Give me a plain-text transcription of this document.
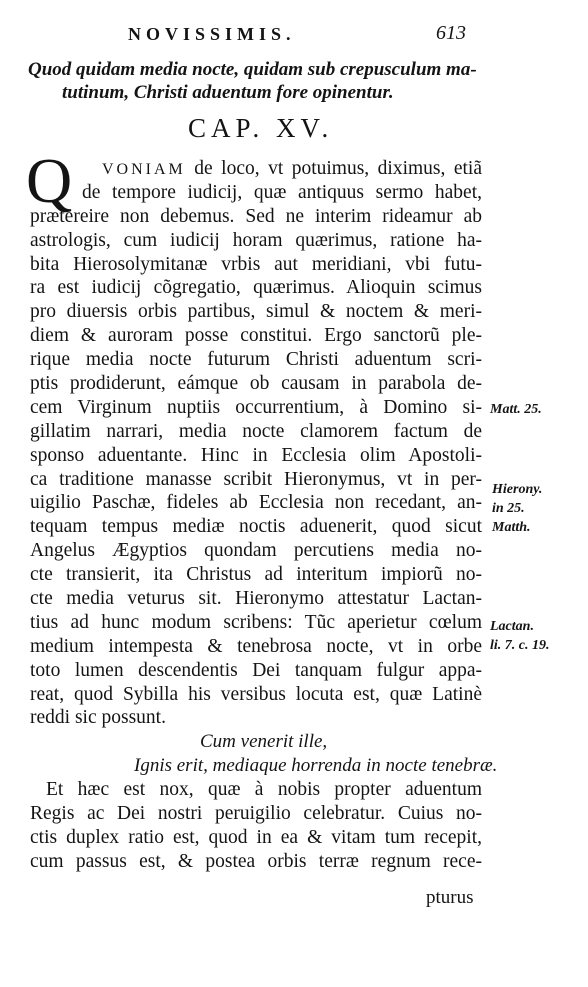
NOVISSIMIS.	613
Quod quidam media nocte, quidam sub crepusculum ma-
tutinum, Christi aduentum fore opinentur.
CAP. XV.
Q	VONIAM de loco, vt potuimus, diximus, etiã
de tempore iudicij, quæ antiquus sermo habet,
prætereire non debemus. Sed ne interim rideamur ab
astrologis, cum iudicij horam quærimus, ratione ha-
bita Hierosolymitanæ vrbis aut meridiani, vbi futu-
ra est iudicij cõgregatio, quærimus. Alioquin scimus
pro diuersis orbis partibus, simul & noctem & meri-
diem & auroram posse constitui. Ergo sanctorũ ple-
rique media nocte futurum Christi aduentum scri-
ptis prodiderunt, eámque ob causam in parabola de-
cem Virginum nuptiis occurrentium, à Domino si-
gillatim narrari, media nocte clamorem factum de
sponso aduentante. Hinc in Ecclesia olim Apostoli-
ca traditione manasse scribit Hieronymus, vt in per-
uigilio Paschæ, fideles ab Ecclesia non recedant, an-
tequam tempus mediæ noctis aduenerit, quod sicut
Angelus Ægyptios quondam percutiens media no-
cte transierit, ita Christus ad interitum impiorũ no-
cte media veturus sit. Hieronymo attestatur Lactan-
tius ad hunc modum scribens: Tũc aperietur cœlum
medium intempesta & tenebrosa nocte, vt in orbe
toto lumen descendentis Dei tanquam fulgur appa-
reat, quod Sybilla his versibus locuta est, quæ Latinè
reddi sic possunt.
Cum venerit ille,
Ignis erit, mediaque horrenda in nocte tenebræ.
Et hæc est nox, quæ à nobis propter aduentum
Regis ac Dei nostri peruigilio celebratur. Cuius no-
ctis duplex ratio est, quod in ea & vitam tum recepit,
cum passus est, & postea orbis terræ regnum rece-
pturus
Matt. 25.
Hierony.
in 25.
Matth.
Lactan.
li. 7. c. 19.
